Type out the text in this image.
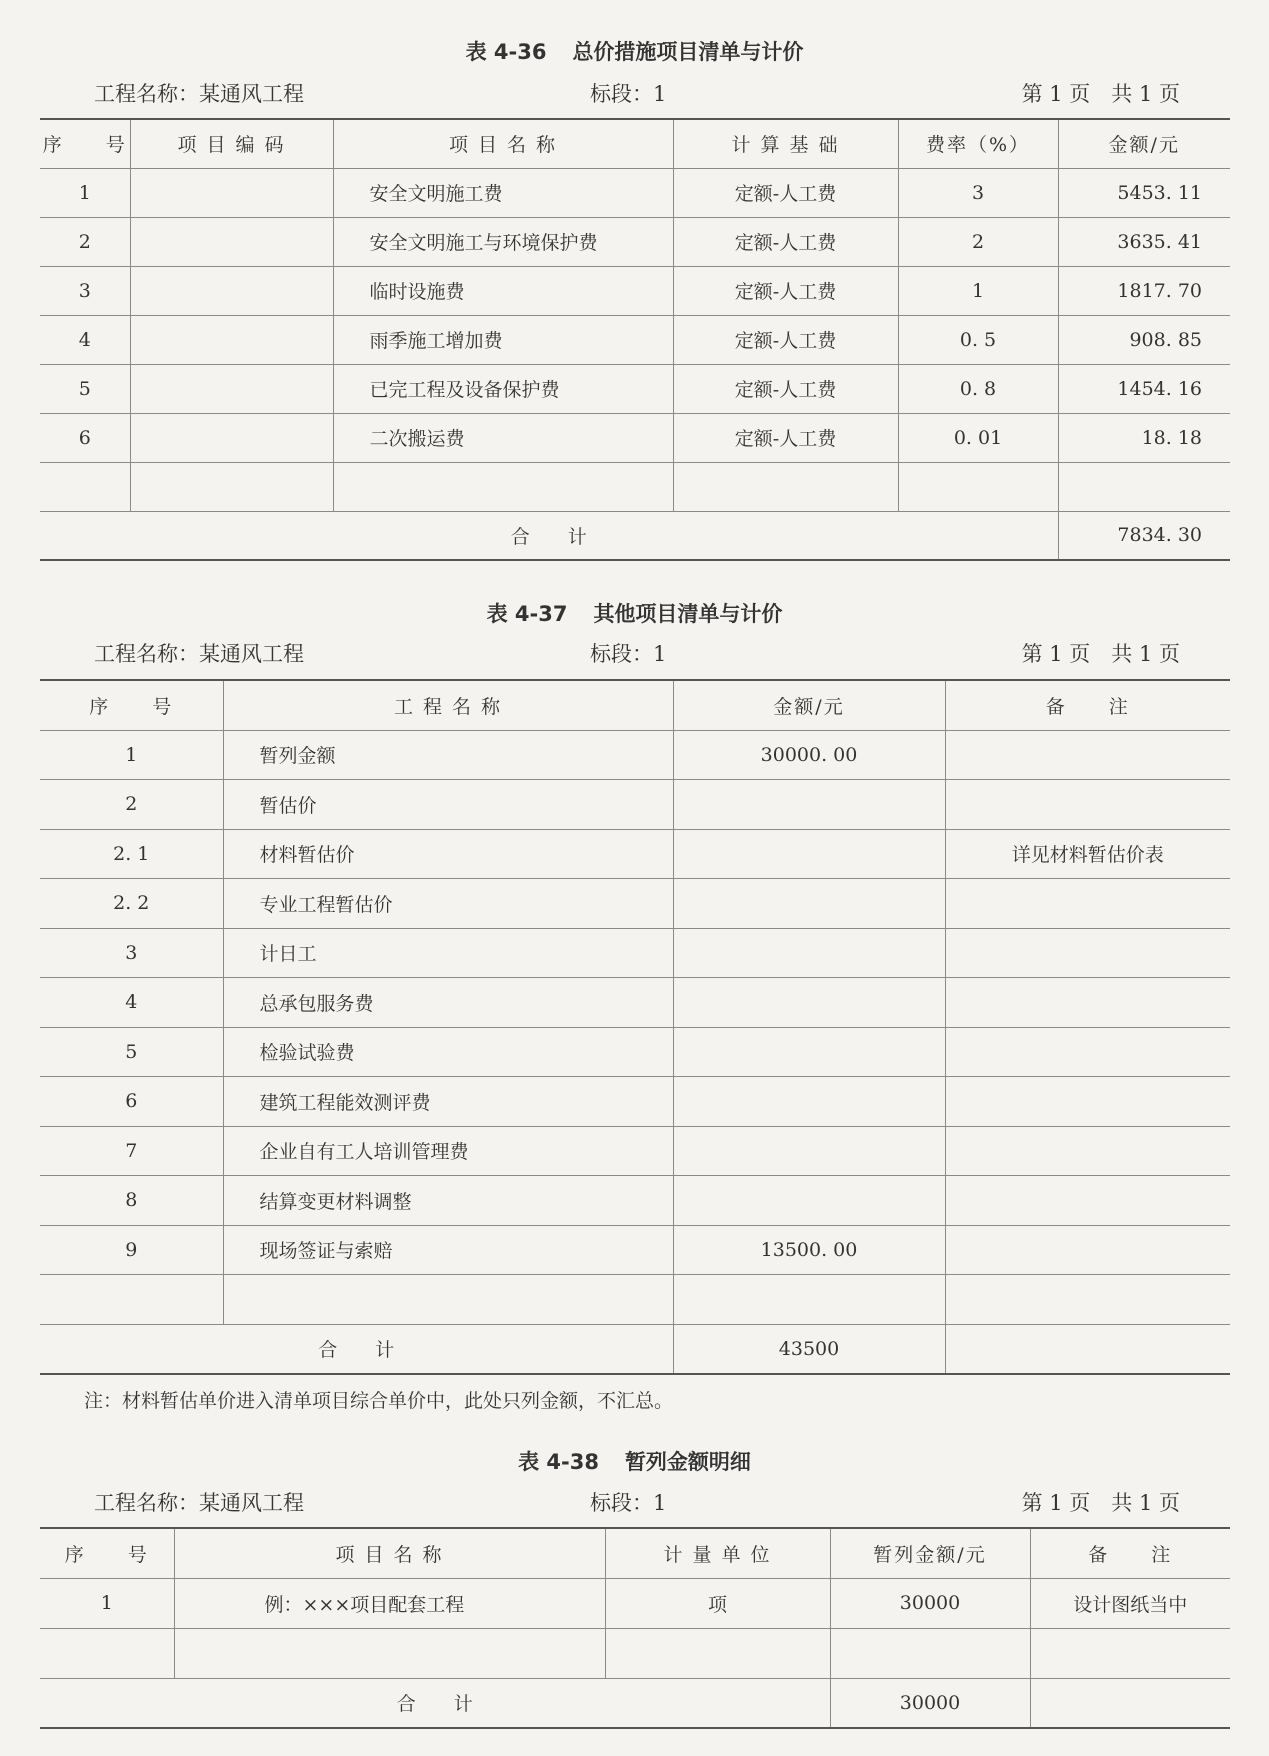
表 4-36 总价措施项目清单与计价
工程名称：某通风工程	标段：1	第 1 页　共 1 页
序　　号	项 目 编 码	项 目 名 称	计 算 基 础	费率（%）	金额/元
1		安全文明施工费	定额-人工费	3	5453. 11
2		安全文明施工与环境保护费	定额-人工费	2	3635. 41
3		临时设施费	定额-人工费	1	1817. 70
4		雨季施工增加费	定额-人工费	0. 5	908. 85
5		已完工程及设备保护费	定额-人工费	0. 8	1454. 16
6		二次搬运费	定额-人工费	0. 01	18. 18

合　　计					7834. 30
表 4-37 其他项目清单与计价
工程名称：某通风工程	标段：1	第 1 页　共 1 页
序　　号	工 程 名 称	金额/元	备　　注
1	暂列金额	30000. 00	
2	暂估价		
2. 1	材料暂估价		详见材料暂估价表
2. 2	专业工程暂估价		
3	计日工		
4	总承包服务费		
5	检验试验费		
6	建筑工程能效测评费		
7	企业自有工人培训管理费		
8	结算变更材料调整		
9	现场签证与索赔	13500. 00	

合　　计		43500	
注：材料暂估单价进入清单项目综合单价中，此处只列金额，不汇总。
表 4-38 暂列金额明细
工程名称：某通风工程	标段：1	第 1 页　共 1 页
序　　号	项 目 名 称	计 量 单 位	暂列金额/元	备　　注
1	例：×××项目配套工程	项	30000	设计图纸当中

合　　计			30000	
